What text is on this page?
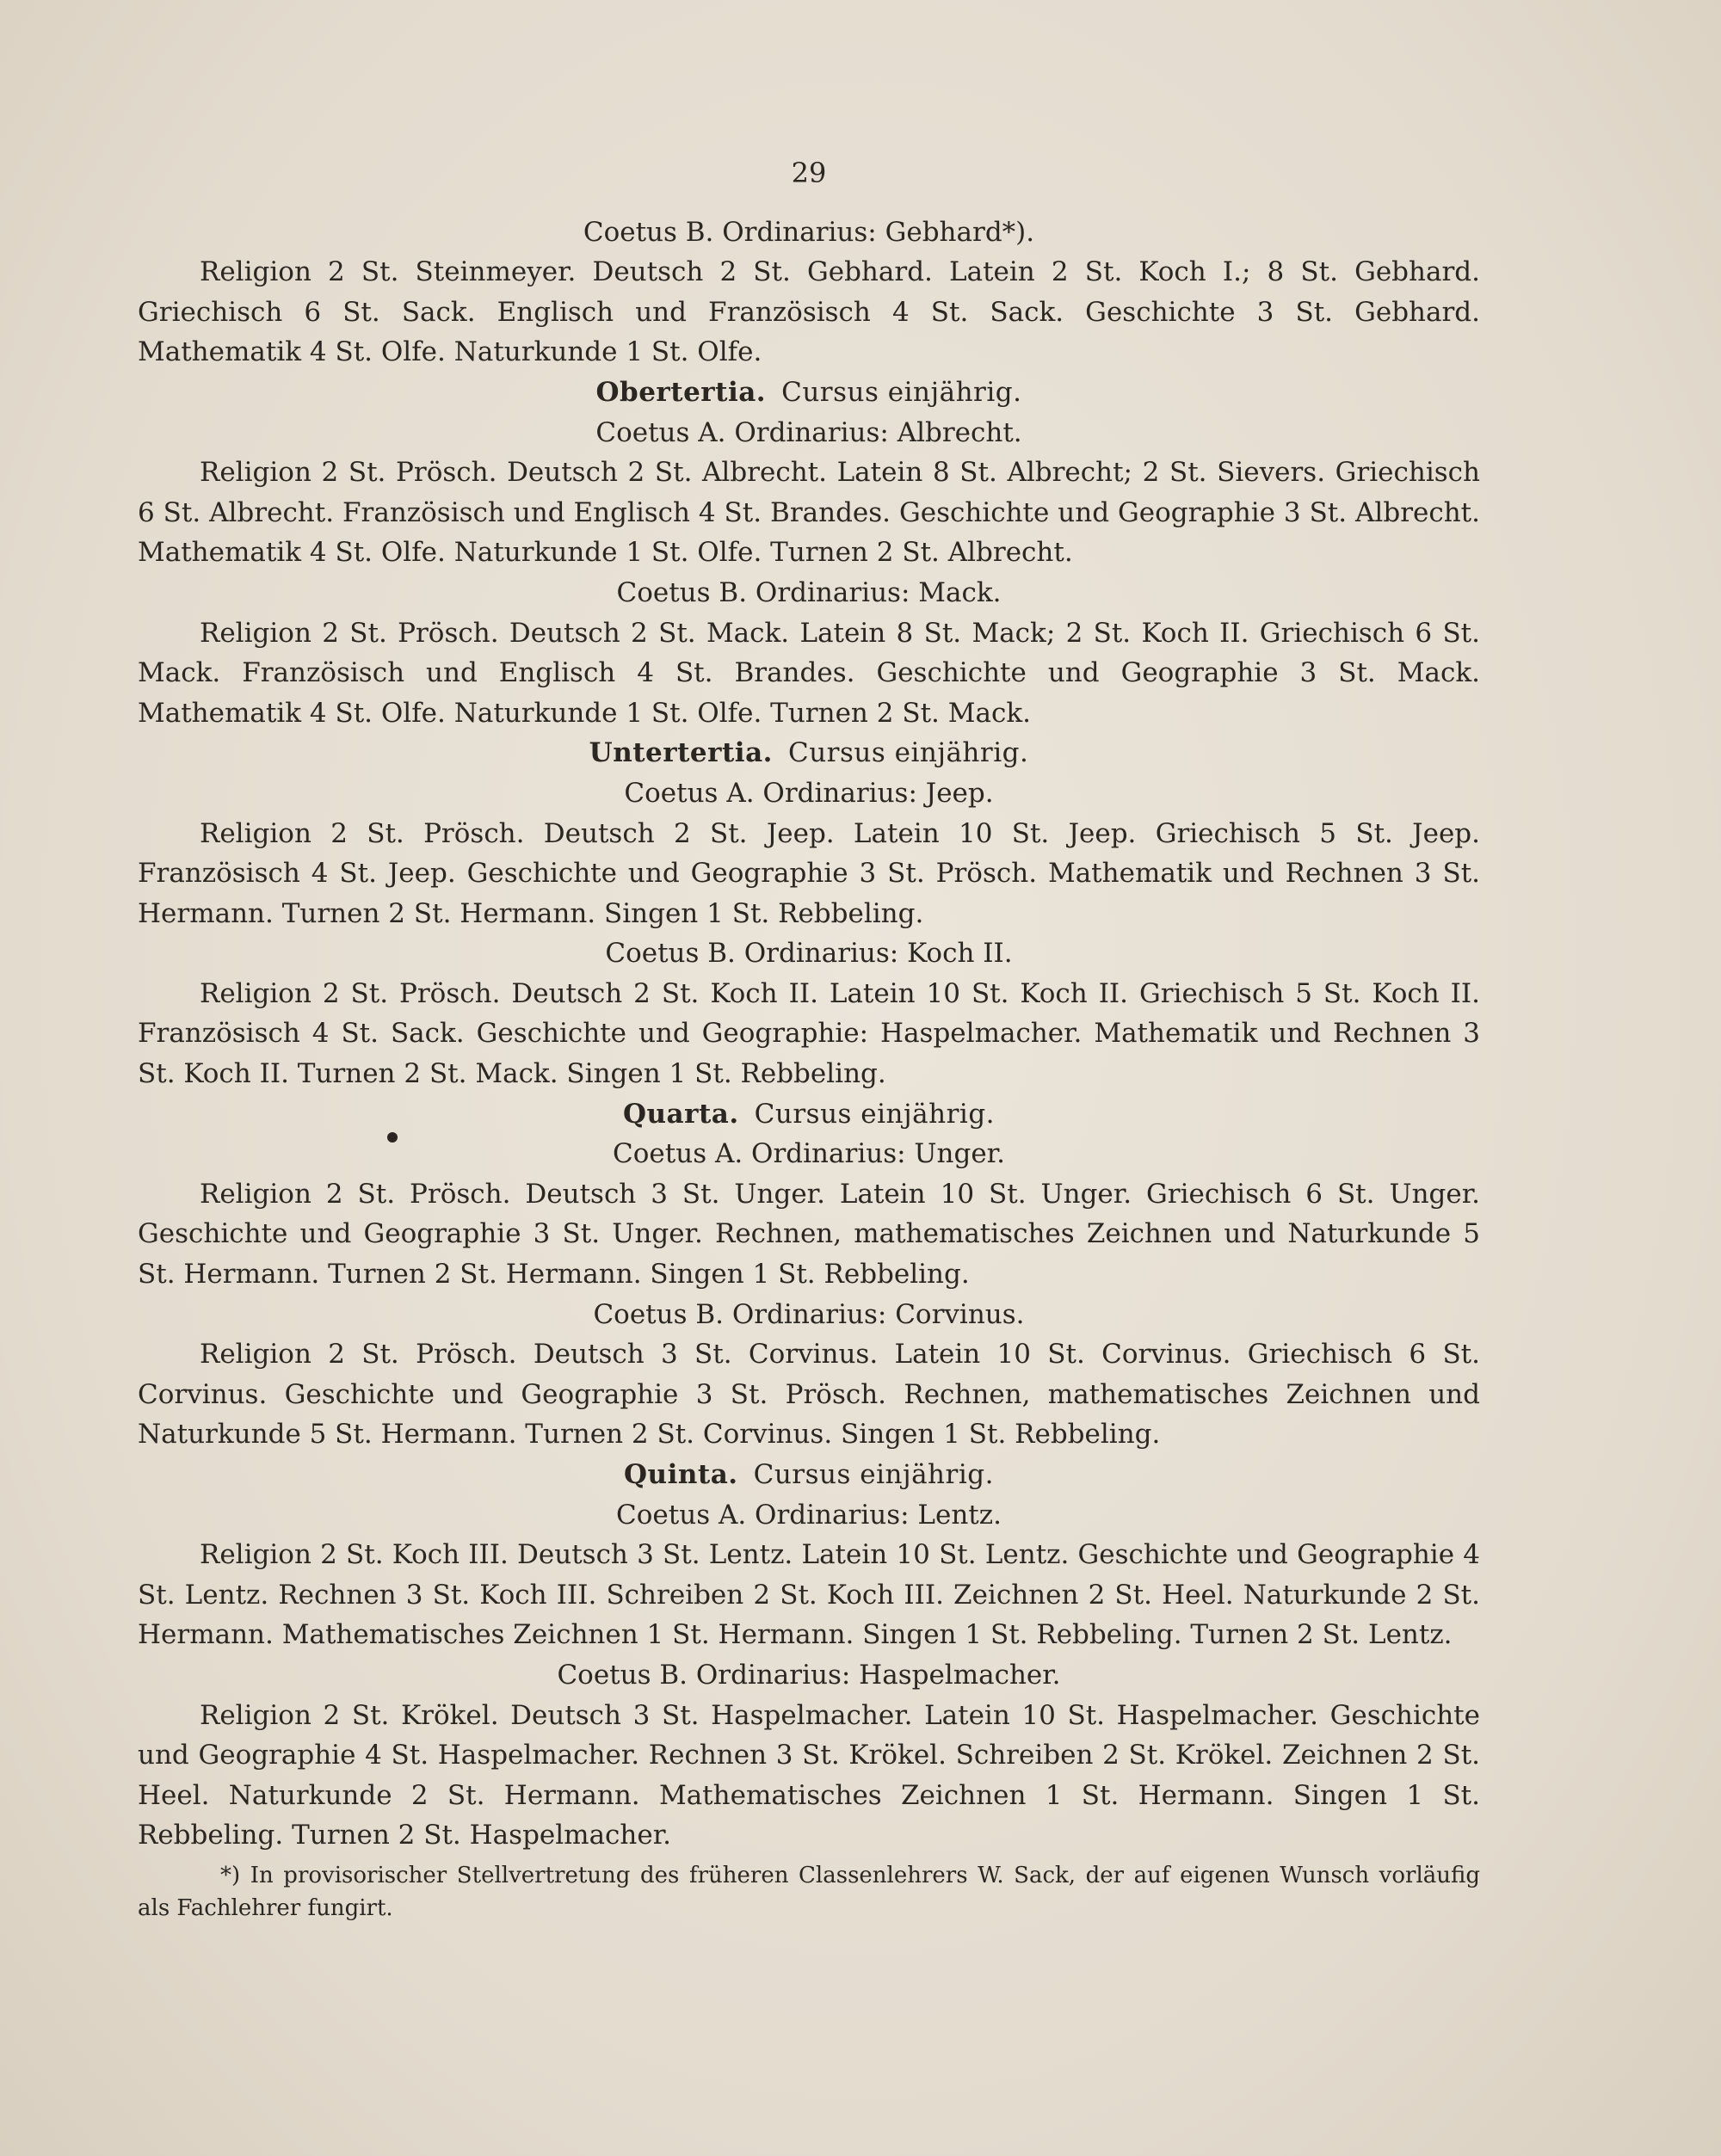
29
Coetus B. Ordinarius: Gebhard*).

Religion 2 St. Steinmeyer. Deutsch 2 St. Gebhard. Latein 2 St. Koch I.; 8 St. Gebhard. Griechisch 6 St. Sack. Englisch und Französisch 4 St. Sack. Geschichte 3 St. Gebhard. Mathematik 4 St. Olfe. Naturkunde 1 St. Olfe.

Obertertia. Cursus einjährig.
Coetus A. Ordinarius: Albrecht.

Religion 2 St. Prösch. Deutsch 2 St. Albrecht. Latein 8 St. Albrecht; 2 St. Sievers. Griechisch 6 St. Albrecht. Französisch und Englisch 4 St. Brandes. Geschichte und Geographie 3 St. Albrecht. Mathematik 4 St. Olfe. Naturkunde 1 St. Olfe. Turnen 2 St. Albrecht.

Coetus B. Ordinarius: Mack.

Religion 2 St. Prösch. Deutsch 2 St. Mack. Latein 8 St. Mack; 2 St. Koch II. Griechisch 6 St. Mack. Französisch und Englisch 4 St. Brandes. Geschichte und Geographie 3 St. Mack. Mathematik 4 St. Olfe. Naturkunde 1 St. Olfe. Turnen 2 St. Mack.

Untertertia. Cursus einjährig.
Coetus A. Ordinarius: Jeep.

Religion 2 St. Prösch. Deutsch 2 St. Jeep. Latein 10 St. Jeep. Griechisch 5 St. Jeep. Französisch 4 St. Jeep. Geschichte und Geographie 3 St. Prösch. Mathematik und Rechnen 3 St. Hermann. Turnen 2 St. Hermann. Singen 1 St. Rebbeling.

Coetus B. Ordinarius: Koch II.

Religion 2 St. Prösch. Deutsch 2 St. Koch II. Latein 10 St. Koch II. Griechisch 5 St. Koch II. Französisch 4 St. Sack. Geschichte und Geographie: Haspelmacher. Mathematik und Rechnen 3 St. Koch II. Turnen 2 St. Mack. Singen 1 St. Rebbeling.

Quarta. Cursus einjährig.
Coetus A. Ordinarius: Unger.

Religion 2 St. Prösch. Deutsch 3 St. Unger. Latein 10 St. Unger. Griechisch 6 St. Unger. Geschichte und Geographie 3 St. Unger. Rechnen, mathematisches Zeichnen und Naturkunde 5 St. Hermann. Turnen 2 St. Hermann. Singen 1 St. Rebbeling.

Coetus B. Ordinarius: Corvinus.

Religion 2 St. Prösch. Deutsch 3 St. Corvinus. Latein 10 St. Corvinus. Griechisch 6 St. Corvinus. Geschichte und Geographie 3 St. Prösch. Rechnen, mathematisches Zeichnen und Naturkunde 5 St. Hermann. Turnen 2 St. Corvinus. Singen 1 St. Rebbeling.

Quinta. Cursus einjährig.
Coetus A. Ordinarius: Lentz.

Religion 2 St. Koch III. Deutsch 3 St. Lentz. Latein 10 St. Lentz. Geschichte und Geographie 4 St. Lentz. Rechnen 3 St. Koch III. Schreiben 2 St. Koch III. Zeichnen 2 St. Heel. Naturkunde 2 St. Hermann. Mathematisches Zeichnen 1 St. Hermann. Singen 1 St. Rebbeling. Turnen 2 St. Lentz.

Coetus B. Ordinarius: Haspelmacher.

Religion 2 St. Krökel. Deutsch 3 St. Haspelmacher. Latein 10 St. Haspelmacher. Geschichte und Geographie 4 St. Haspelmacher. Rechnen 3 St. Krökel. Schreiben 2 St. Krökel. Zeichnen 2 St. Heel. Naturkunde 2 St. Hermann. Mathematisches Zeichnen 1 St. Hermann. Singen 1 St. Rebbeling. Turnen 2 St. Haspelmacher.

*) In provisorischer Stellvertretung des früheren Classenlehrers W. Sack, der auf eigenen Wunsch vorläufig als Fachlehrer fungirt.
